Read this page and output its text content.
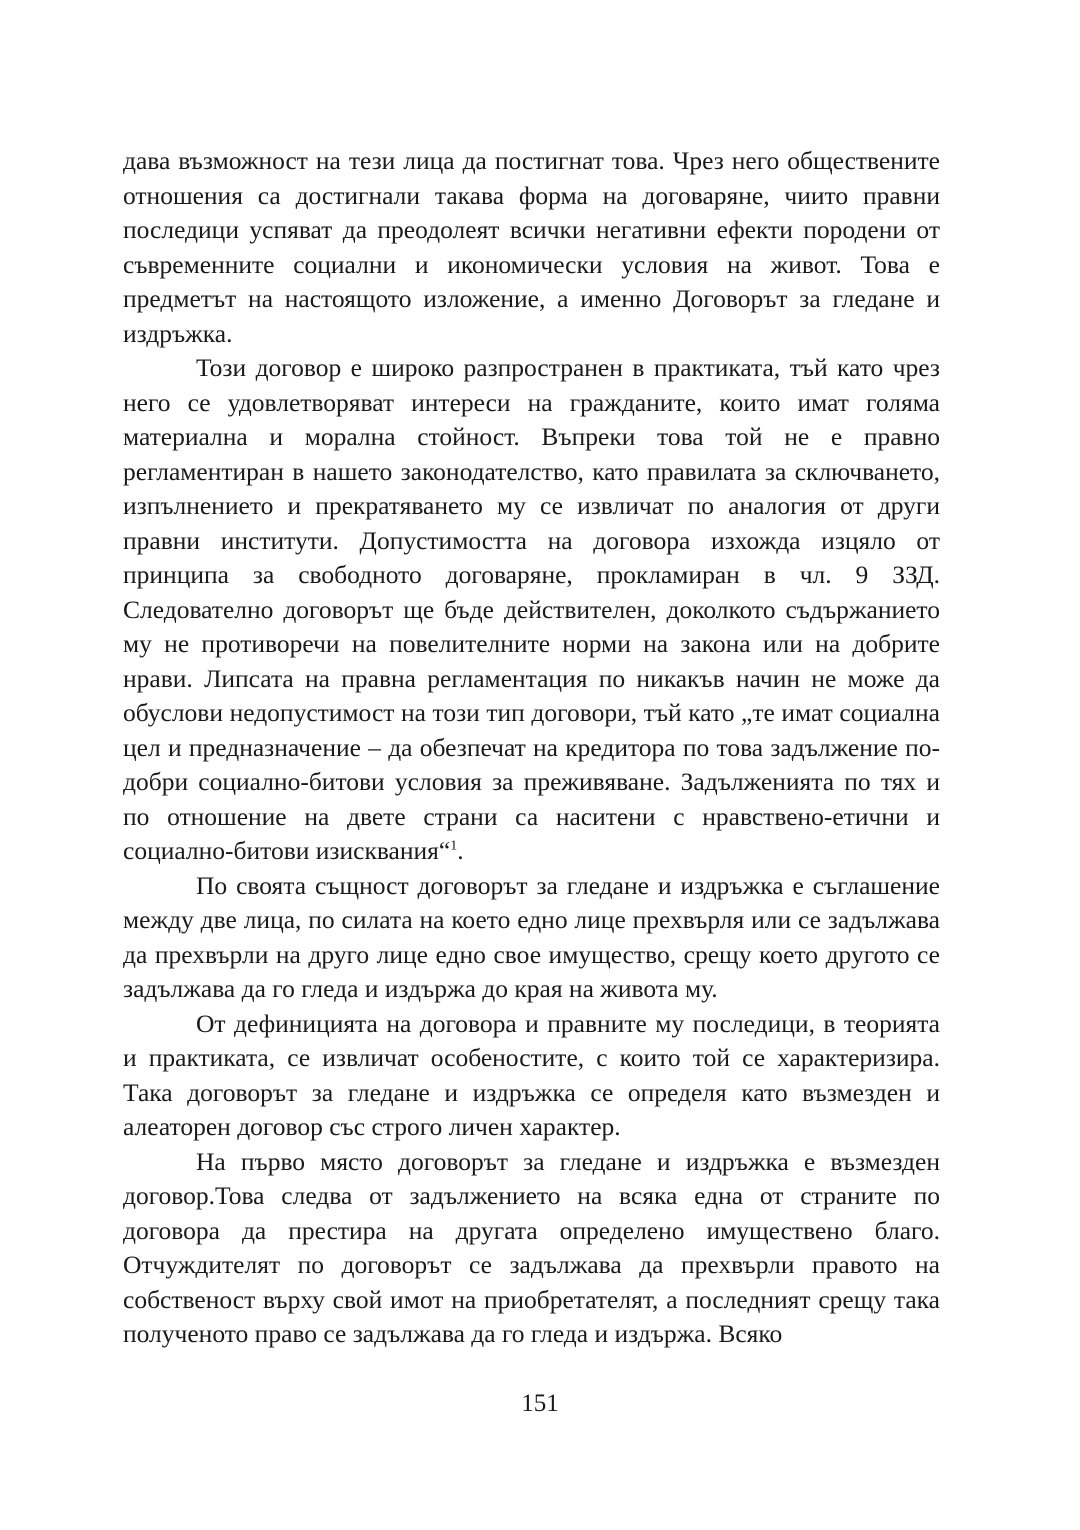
дава възможност на тези лица да постигнат това. Чрез него обществените отношения са достигнали такава форма на договаряне, чиито правни последици успяват да преодолеят всички негативни ефекти породени от съвременните социални и икономически условия на живот. Това е предметът на настоящото изложение, а именно Договорът за гледане и издръжка.

Този договор е широко разпространен в практиката, тъй като чрез него се удовлетворяват интереси на гражданите, които имат голяма материална и морална стойност. Въпреки това той не е правно регламентиран в нашето законодателство, като правилата за сключването, изпълнението и прекратяването му се извличат по аналогия от други правни институти. Допустимостта на договора изхожда изцяло от принципа за свободното договаряне, прокламиран в чл. 9 ЗЗД. Следователно договорът ще бъде действителен, доколкото съдържанието му не противоречи на повелителните норми на закона или на добрите нрави. Липсата на правна регламентация по никакъв начин не може да обуслови недопустимост на този тип договори, тъй като „те имат социална цел и предназначение – да обезпечат на кредитора по това задължение по-добри социално-битови условия за преживяване. Задълженията по тях и по отношение на двете страни са наситени с нравствено-етични и социално-битови изисквания“$^1$.

По своята същност договорът за гледане и издръжка е съглашение между две лица, по силата на което едно лице прехвърля или се задължава да прехвърли на друго лице едно свое имущество, срещу което другото се задължава да го гледа и издържа до края на живота му.

От дефиницията на договора и правните му последици, в теорията и практиката, се извличат особеностите, с които той се характеризира. Така договорът за гледане и издръжка се определя като възмезден и алеаторен договор със строго личен характер.

На първо място договорът за гледане и издръжка е възмезден договор.Това следва от задължението на всяка една от страните по договора да престира на другата определено имуществено благо. Отчуждителят по договорът се задължава да прехвърли правото на собственост върху свой имот на приобретателят, а последният срещу така полученото право се задължава да го гледа и издържа. Всяко

151
